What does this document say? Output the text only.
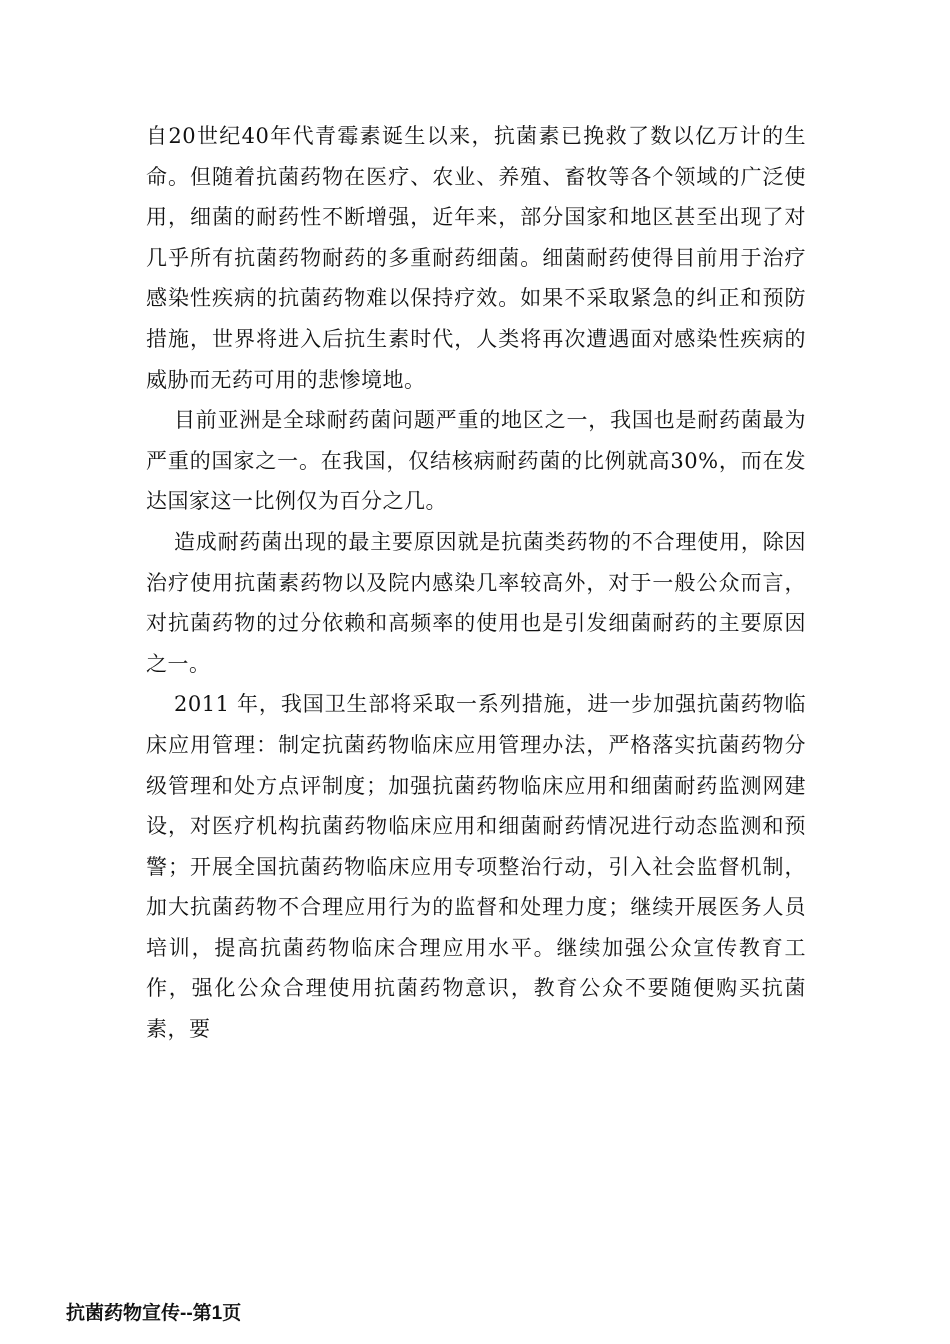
自20世纪40年代青霉素诞生以来，抗菌素已挽救了数以亿万计的生命。但随着抗菌药物在医疗、农业、养殖、畜牧等各个领域的广泛使用，细菌的耐药性不断增强，近年来，部分国家和地区甚至出现了对几乎所有抗菌药物耐药的多重耐药细菌。细菌耐药使得目前用于治疗感染性疾病的抗菌药物难以保持疗效。如果不采取紧急的纠正和预防措施，世界将进入后抗生素时代，人类将再次遭遇面对感染性疾病的威胁而无药可用的悲惨境地。

目前亚洲是全球耐药菌问题严重的地区之一，我国也是耐药菌最为严重的国家之一。在我国，仅结核病耐药菌的比例就高30%，而在发达国家这一比例仅为百分之几。

造成耐药菌出现的最主要原因就是抗菌类药物的不合理使用，除因治疗使用抗菌素药物以及院内感染几率较高外，对于一般公众而言，对抗菌药物的过分依赖和高频率的使用也是引发细菌耐药的主要原因之一。

2011 年，我国卫生部将采取一系列措施，进一步加强抗菌药物临床应用管理：制定抗菌药物临床应用管理办法，严格落实抗菌药物分级管理和处方点评制度；加强抗菌药物临床应用和细菌耐药监测网建设，对医疗机构抗菌药物临床应用和细菌耐药情况进行动态监测和预警；开展全国抗菌药物临床应用专项整治行动，引入社会监督机制，加大抗菌药物不合理应用行为的监督和处理力度；继续开展医务人员培训，提高抗菌药物临床合理应用水平。继续加强公众宣传教育工作，强化公众合理使用抗菌药物意识，教育公众不要随便购买抗菌素，要

抗菌药物宣传--第1页
